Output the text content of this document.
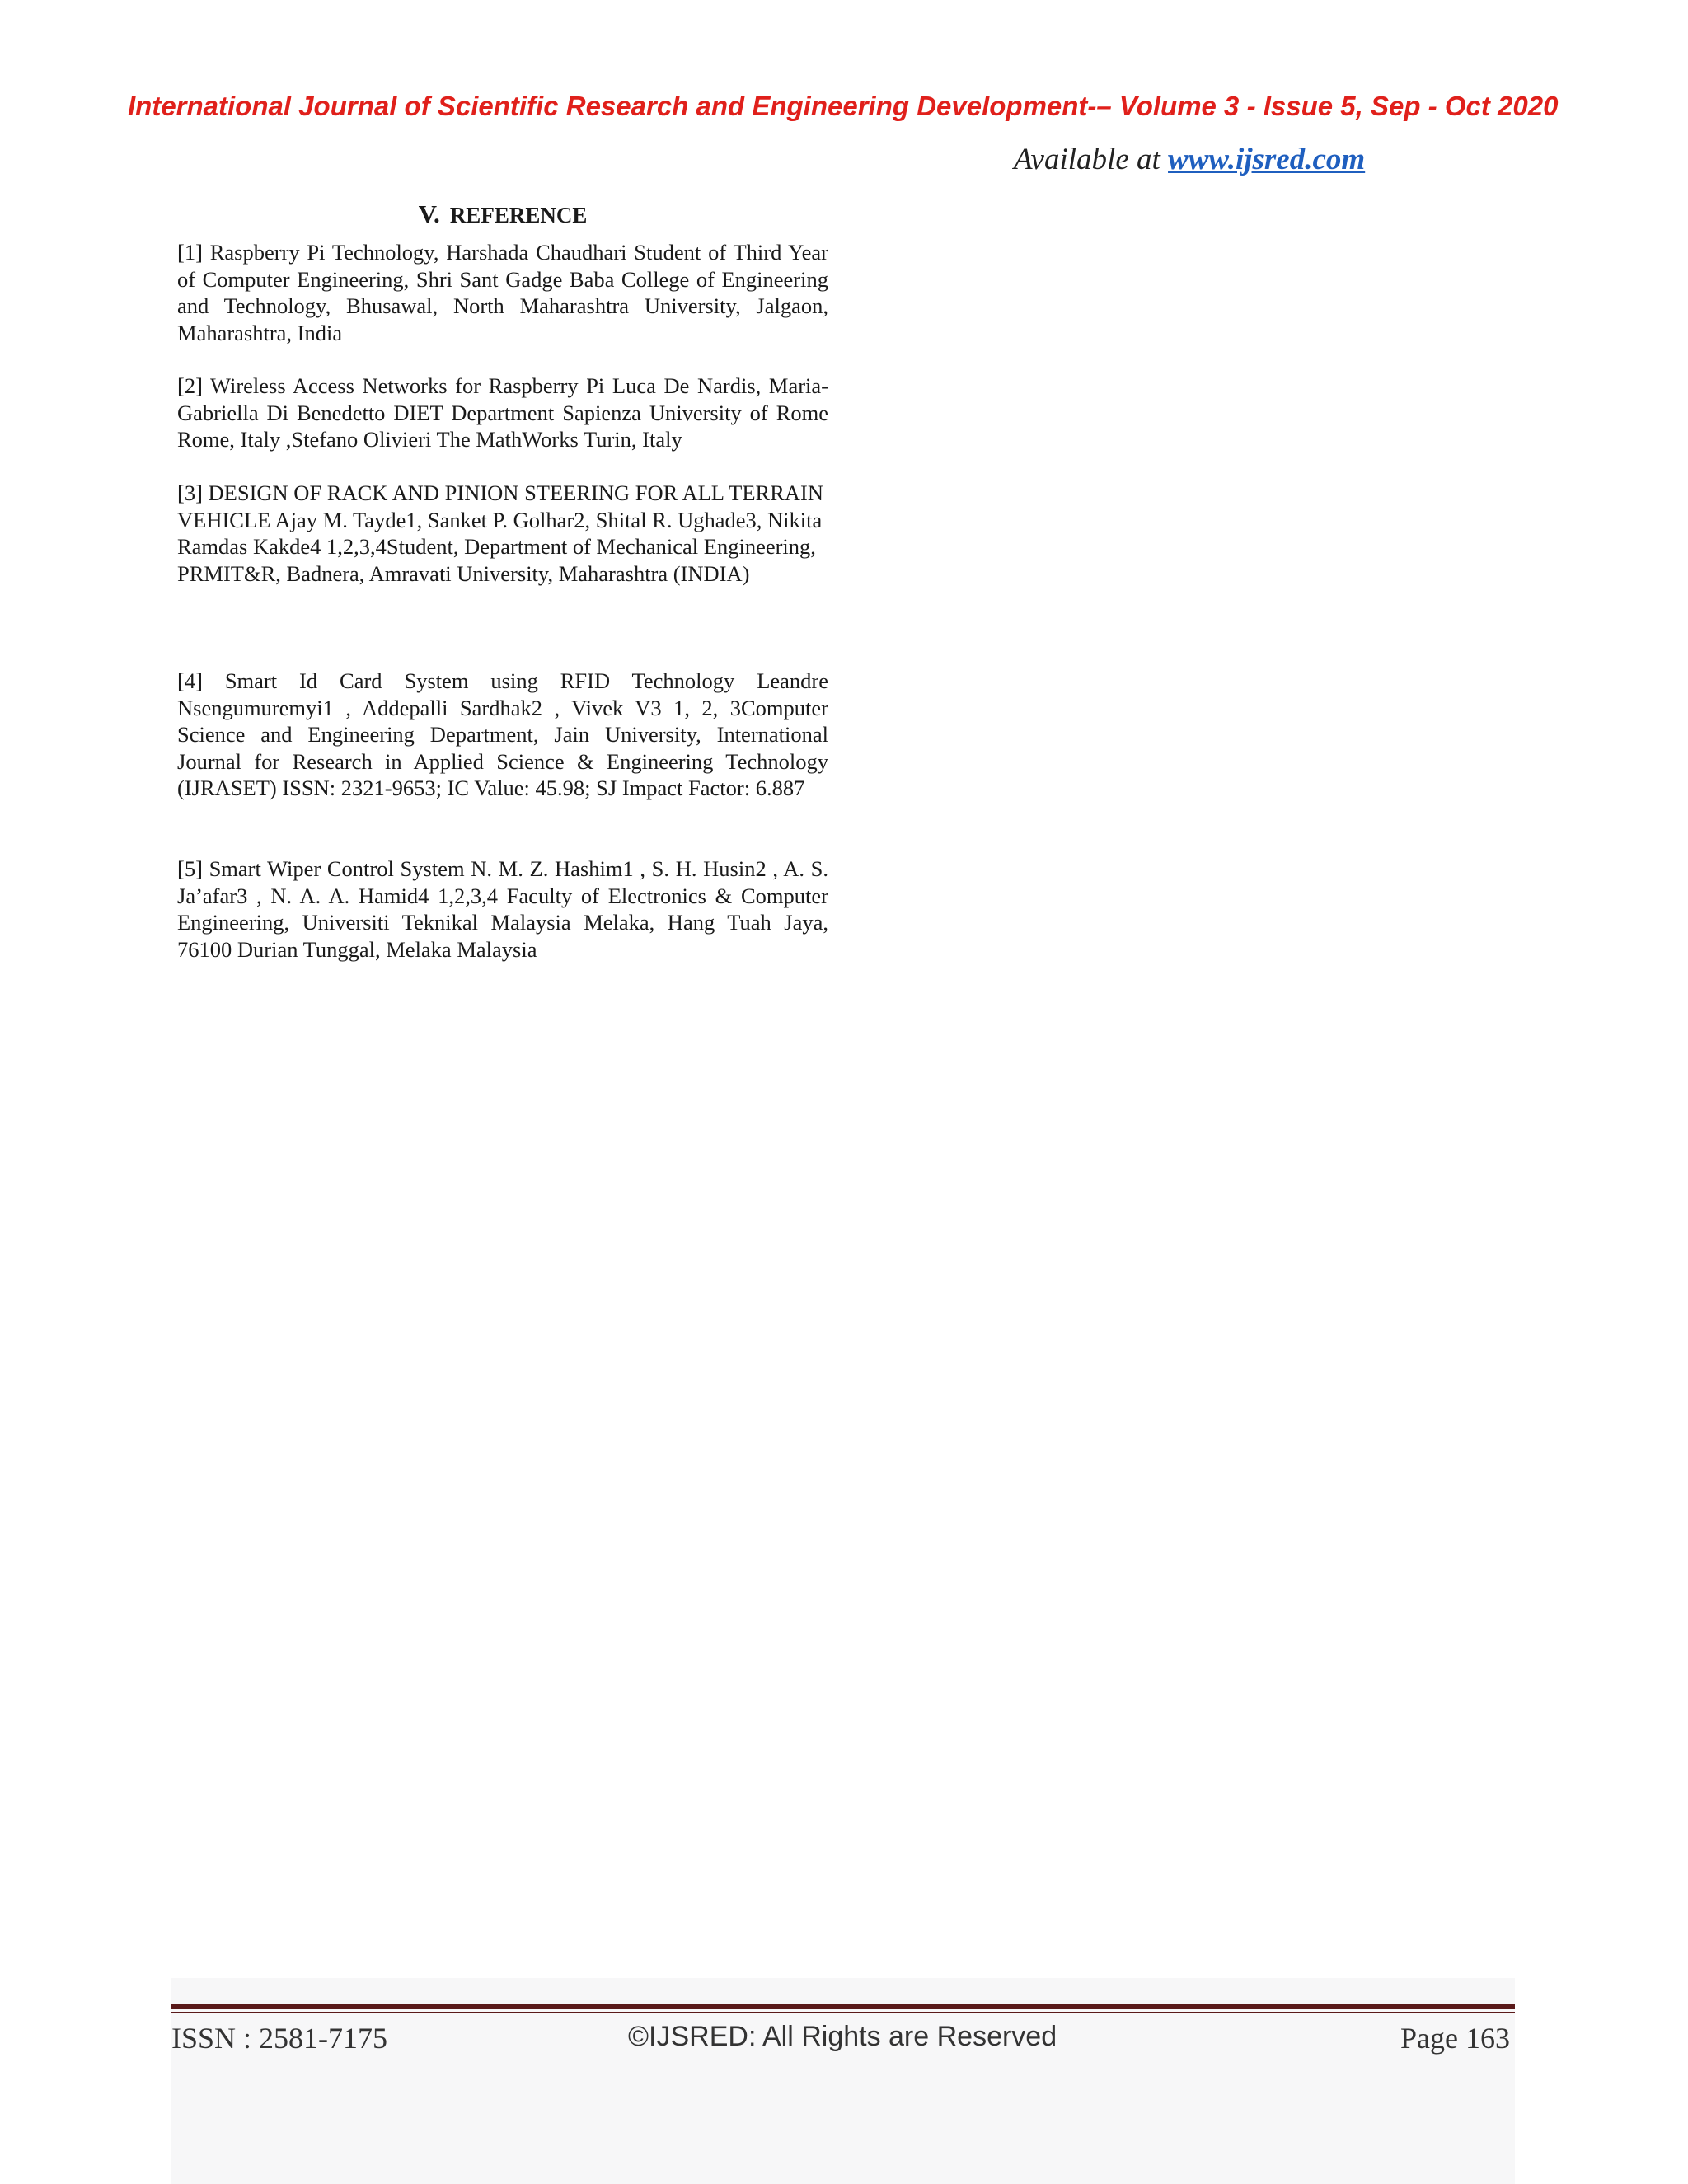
International Journal of Scientific Research and Engineering Development-– Volume 3 - Issue 5, Sep - Oct 2020
Available at www.ijsred.com
V. REFERENCE

[1] Raspberry Pi Technology, Harshada Chaudhari Student of Third Year of Computer Engineering, Shri Sant Gadge Baba College of Engineering and Technology, Bhusawal, North Maharashtra University, Jalgaon, Maharashtra, India

[2] Wireless Access Networks for Raspberry Pi Luca De Nardis, Maria-Gabriella Di Benedetto DIET Department Sapienza University of Rome Rome, Italy ,Stefano Olivieri The MathWorks Turin, Italy

[3] DESIGN OF RACK AND PINION STEERING FOR ALL TERRAIN VEHICLE Ajay M. Tayde1, Sanket P. Golhar2, Shital R. Ughade3, Nikita Ramdas Kakde4 1,2,3,4Student, Department of Mechanical Engineering, PRMIT&R, Badnera, Amravati University, Maharashtra (INDIA)

[4] Smart Id Card System using RFID Technology Leandre Nsengumuremyi1 , Addepalli Sardhak2 , Vivek V3 1, 2, 3Computer Science and Engineering Department, Jain University, International Journal for Research in Applied Science & Engineering Technology (IJRASET) ISSN: 2321-9653; IC Value: 45.98; SJ Impact Factor: 6.887

[5] Smart Wiper Control System N. M. Z. Hashim1 , S. H. Husin2 , A. S. Ja’afar3 , N. A. A. Hamid4 1,2,3,4 Faculty of Electronics & Computer Engineering, Universiti Teknikal Malaysia Melaka, Hang Tuah Jaya, 76100 Durian Tunggal, Melaka Malaysia

ISSN : 2581-7175	©IJSRED: All Rights are Reserved	Page 163
